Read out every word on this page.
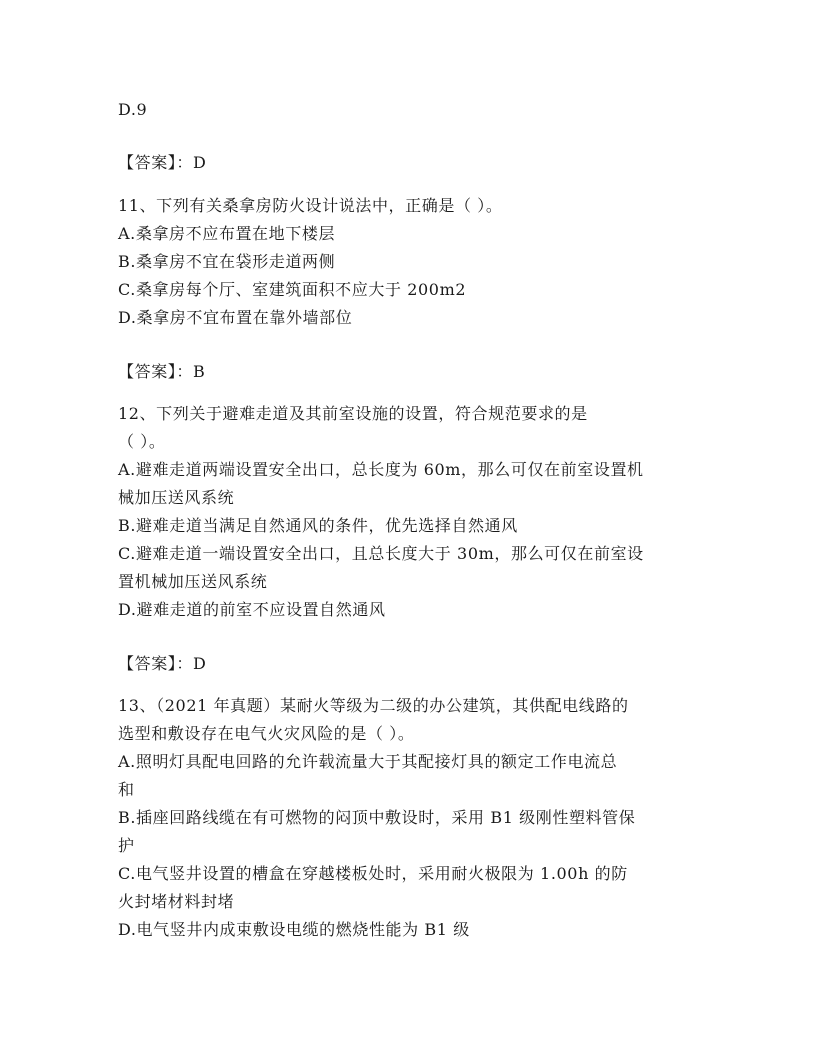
D.9
【答案】：D
11、下列有关桑拿房防火设计说法中，正确是（ ）。
A.桑拿房不应布置在地下楼层
B.桑拿房不宜在袋形走道两侧
C.桑拿房每个厅、室建筑面积不应大于 200m2
D.桑拿房不宜布置在靠外墙部位
【答案】：B
12、下列关于避难走道及其前室设施的设置，符合规范要求的是
（ ）。
A.避难走道两端设置安全出口，总长度为 60m，那么可仅在前室设置机
械加压送风系统
B.避难走道当满足自然通风的条件，优先选择自然通风
C.避难走道一端设置安全出口，且总长度大于 30m，那么可仅在前室设
置机械加压送风系统
D.避难走道的前室不应设置自然通风
【答案】：D
13、（2021 年真题）某耐火等级为二级的办公建筑，其供配电线路的
选型和敷设存在电气火灾风险的是（ ）。
A.照明灯具配电回路的允许载流量大于其配接灯具的额定工作电流总
和
B.插座回路线缆在有可燃物的闷顶中敷设时，采用 B1 级刚性塑料管保
护
C.电气竖井设置的槽盒在穿越楼板处时，采用耐火极限为 1.00h 的防
火封堵材料封堵
D.电气竖井内成束敷设电缆的燃烧性能为 B1 级
